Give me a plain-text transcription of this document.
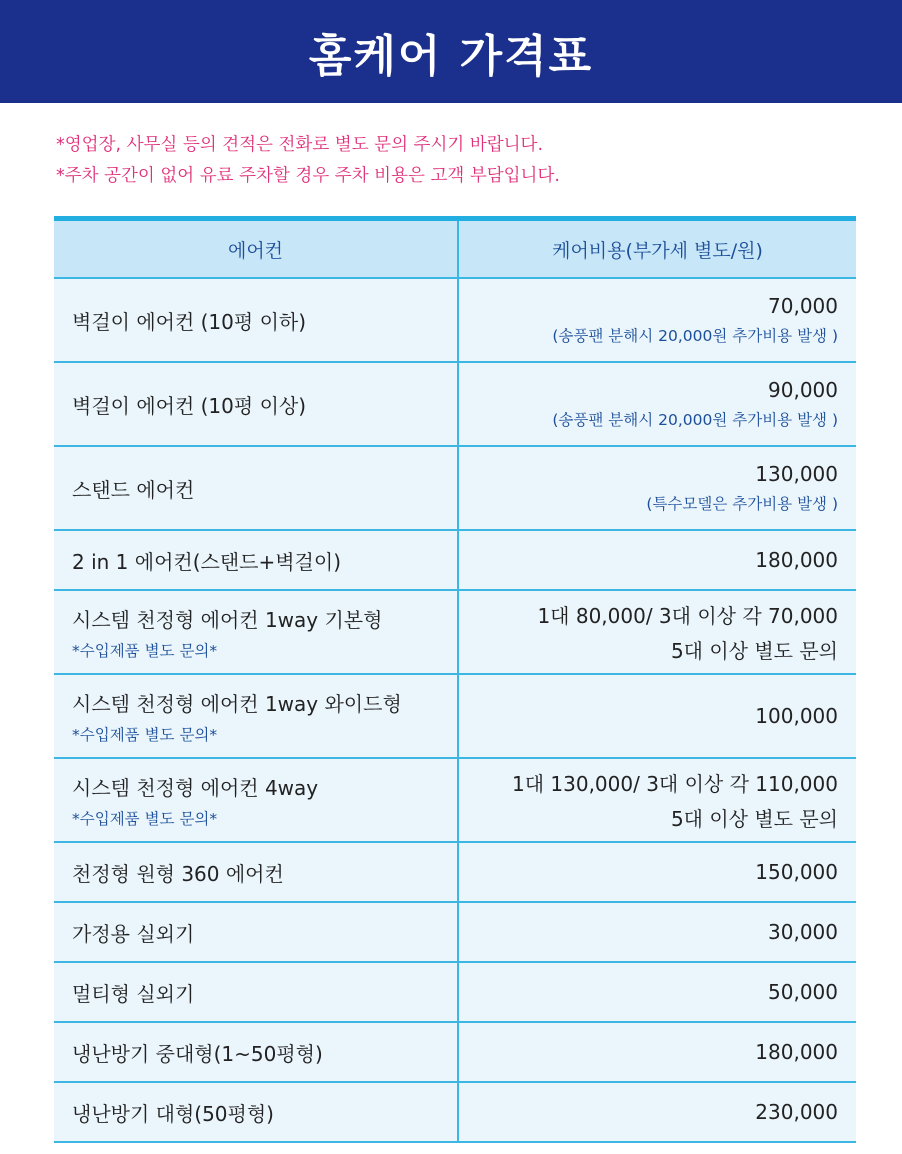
홈케어 가격표
*영업장, 사무실 등의 견적은 전화로 별도 문의 주시기 바랍니다.
*주차 공간이 없어 유료 주차할 경우 주차 비용은 고객 부담입니다.
에어컨	케어비용(부가세 별도/원)
벽걸이 에어컨 (10평 이하)	70,000
(송풍팬 분해시 20,000원 추가비용 발생 )

벽걸이 에어컨 (10평 이상)	90,000
(송풍팬 분해시 20,000원 추가비용 발생 )

스탠드 에어컨	130,000
(특수모델은 추가비용 발생 )

2 in 1 에어컨(스탠드+벽걸이)	180,000
시스템 천정형 에어컨 1way 기본형
*수입제품 별도 문의*	1대 80,000/ 3대 이상 각 70,000
5대 이상 별도 문의

시스템 천정형 에어컨 1way 와이드형
*수입제품 별도 문의*	100,000
시스템 천정형 에어컨 4way
*수입제품 별도 문의*	1대 130,000/ 3대 이상 각 110,000
5대 이상 별도 문의

천정형 원형 360 에어컨	150,000
가정용 실외기	30,000
멀티형 실외기	50,000
냉난방기 중대형(1~50평형)	180,000
냉난방기 대형(50평형)	230,000
